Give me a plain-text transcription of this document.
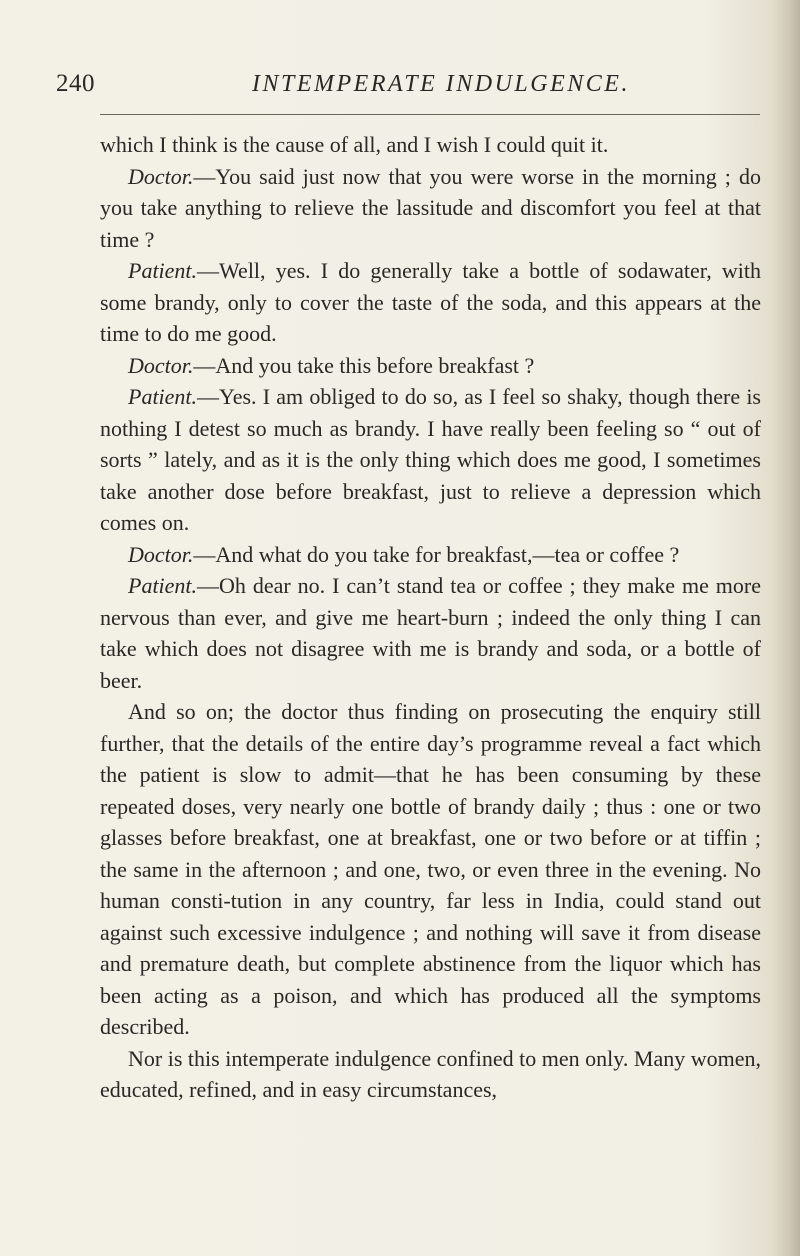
240	INTEMPERATE INDULGENCE.

which I think is the cause of all, and I wish I could quit it.

Doctor.—You said just now that you were worse in the morning ; do you take anything to relieve the lassitude and discomfort you feel at that time ?

Patient.—Well, yes. I do generally take a bottle of sodawater, with some brandy, only to cover the taste of the soda, and this appears at the time to do me good.

Doctor.—And you take this before breakfast ?

Patient.—Yes. I am obliged to do so, as I feel so shaky, though there is nothing I detest so much as brandy. I have really been feeling so “ out of sorts ” lately, and as it is the only thing which does me good, I sometimes take another dose before breakfast, just to relieve a depression which comes on.

Doctor.—And what do you take for breakfast,—tea or coffee ?

Patient.—Oh dear no. I can’t stand tea or coffee ; they make me more nervous than ever, and give me heart-burn ; indeed the only thing I can take which does not disagree with me is brandy and soda, or a bottle of beer.

And so on; the doctor thus finding on prosecuting the enquiry still further, that the details of the entire day’s programme reveal a fact which the patient is slow to admit—that he has been consuming by these repeated doses, very nearly one bottle of brandy daily ; thus : one or two glasses before breakfast, one at breakfast, one or two before or at tiffin ; the same in the afternoon ; and one, two, or even three in the evening. No human consti-tution in any country, far less in India, could stand out against such excessive indulgence ; and nothing will save it from disease and premature death, but complete abstinence from the liquor which has been acting as a poison, and which has produced all the symptoms described.

Nor is this intemperate indulgence confined to men only. Many women, educated, refined, and in easy circumstances,
